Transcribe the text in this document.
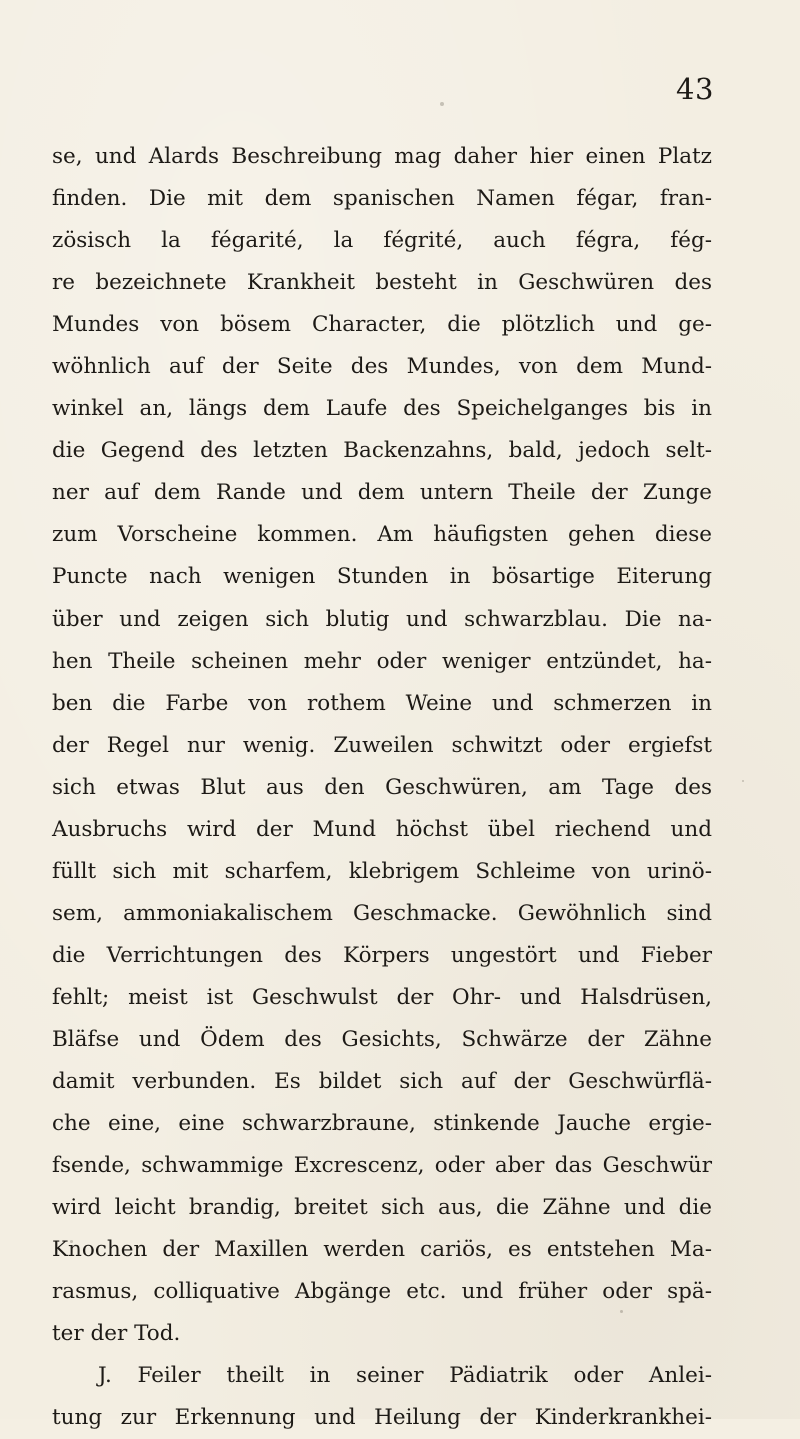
43
se, und Alards Beschreibung mag daher hier einen Platz
finden. Die mit dem spanischen Namen fégar, fran-
zösisch la fégarité, la fégrité, auch fégra, fég-
re bezeichnete Krankheit besteht in Geschwüren des
Mundes von bösem Character, die plötzlich und ge-
wöhnlich auf der Seite des Mundes, von dem Mund-
winkel an, längs dem Laufe des Speichelganges bis in
die Gegend des letzten Backenzahns, bald, jedoch selt-
ner auf dem Rande und dem untern Theile der Zunge
zum Vorscheine kommen. Am häufigsten gehen diese
Puncte nach wenigen Stunden in bösartige Eiterung
über und zeigen sich blutig und schwarzblau. Die na-
hen Theile scheinen mehr oder weniger entzündet, ha-
ben die Farbe von rothem Weine und schmerzen in
der Regel nur wenig. Zuweilen schwitzt oder ergiefst
sich etwas Blut aus den Geschwüren, am Tage des
Ausbruchs wird der Mund höchst übel riechend und
füllt sich mit scharfem, klebrigem Schleime von urinö-
sem, ammoniakalischem Geschmacke. Gewöhnlich sind
die Verrichtungen des Körpers ungestört und Fieber
fehlt; meist ist Geschwulst der Ohr- und Halsdrüsen,
Bläfse und Ödem des Gesichts, Schwärze der Zähne
damit verbunden. Es bildet sich auf der Geschwürflä-
che eine, eine schwarzbraune, stinkende Jauche ergie-
fsende, schwammige Excrescenz, oder aber das Geschwür
wird leicht brandig, breitet sich aus, die Zähne und die
Knochen der Maxillen werden cariös, es entstehen Ma-
rasmus, colliquative Abgänge etc. und früher oder spä-
ter der Tod.
J. Feiler theilt in seiner Pädiatrik oder Anlei-
tung zur Erkennung und Heilung der Kinderkrankhei-
